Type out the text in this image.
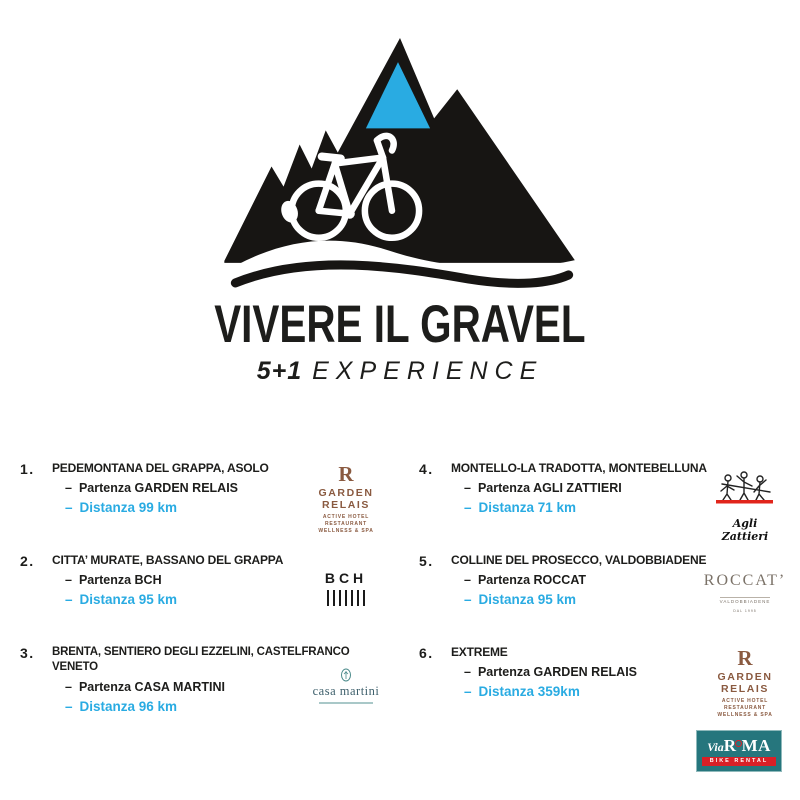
VIVERE IL GRAVEL
5+1 EXPERIENCE
1. PEDEMONTANA DEL GRAPPA, ASOLO
– Partenza GARDEN RELAIS
– Distanza 99 km
R
GARDEN
RELAIS
ACTIVE HOTEL
RESTAURANT
WELLNESS & SPA
2. CITTA’ MURATE, BASSANO DEL GRAPPA
– Partenza BCH
– Distanza 95 km
BCH
3. BRENTA, SENTIERO DEGLI EZZELINI, CASTELFRANCO VENETO
– Partenza CASA MARTINI
– Distanza 96 km
casa martini
4. MONTELLO-LA TRADOTTA, MONTEBELLUNA
– Partenza AGLI ZATTIERI
– Distanza 71 km
Agli Zattieri
5. COLLINE DEL PROSECCO, VALDOBBIADENE
– Partenza ROCCAT
– Distanza 95 km
ROCCAT’
VALDOBBIADENE
DAL 1995
6. EXTREME
– Partenza GARDEN RELAIS
– Distanza 359km
R
GARDEN
RELAIS
ACTIVE HOTEL
RESTAURANT
WELLNESS & SPA
ViaR MA
BIKE RENTAL
